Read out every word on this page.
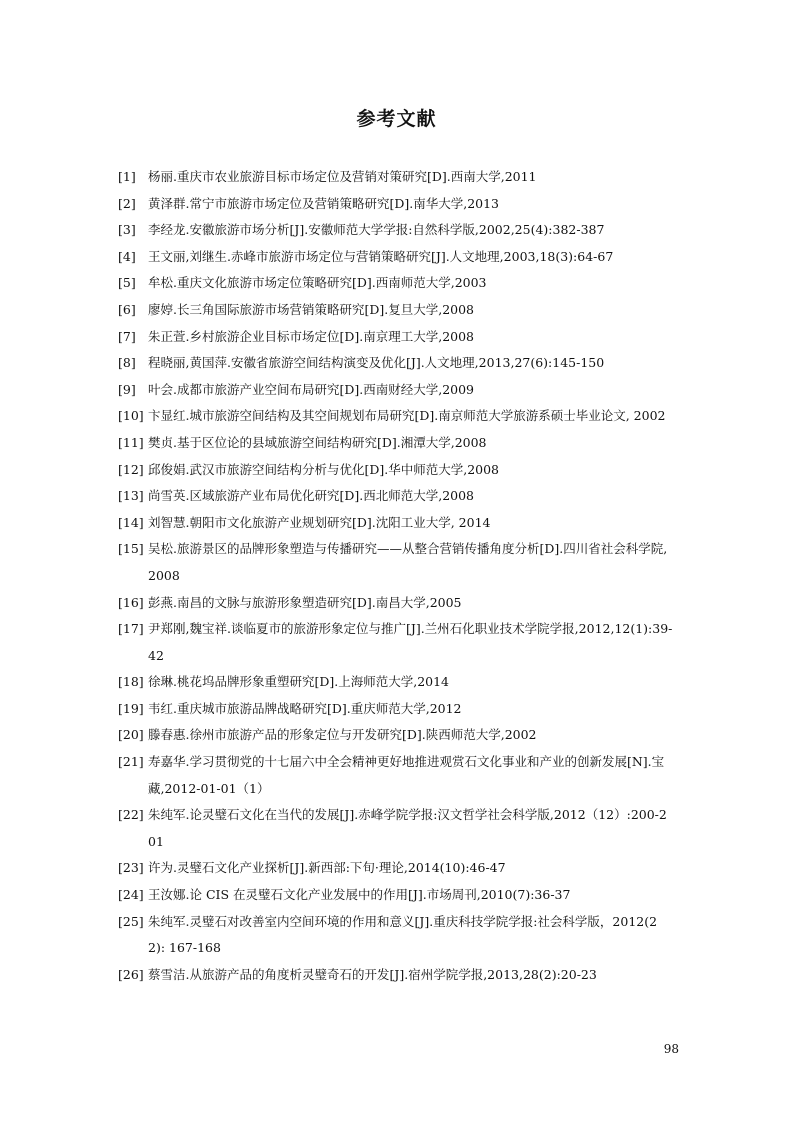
参考文献
[1] 杨丽.重庆市农业旅游目标市场定位及营销对策研究[D].西南大学,2011
[2] 黄泽群.常宁市旅游市场定位及营销策略研究[D].南华大学,2013
[3] 李经龙.安徽旅游市场分析[J].安徽师范大学学报:自然科学版,2002,25(4):382-387
[4] 王文丽,刘继生.赤峰市旅游市场定位与营销策略研究[J].人文地理,2003,18(3):64-67
[5] 牟松.重庆文化旅游市场定位策略研究[D].西南师范大学,2003
[6] 廖婷.长三角国际旅游市场营销策略研究[D].复旦大学,2008
[7] 朱正萱.乡村旅游企业目标市场定位[D].南京理工大学,2008
[8] 程晓丽,黄国萍.安徽省旅游空间结构演变及优化[J].人文地理,2013,27(6):145-150
[9] 叶会.成都市旅游产业空间布局研究[D].西南财经大学,2009
[10] 卞显红.城市旅游空间结构及其空间规划布局研究[D].南京师范大学旅游系硕士毕业论文, 2002
[11] 樊贞.基于区位论的县域旅游空间结构研究[D].湘潭大学,2008
[12] 邱俊娟.武汉市旅游空间结构分析与优化[D].华中师范大学,2008
[13] 尚雪英.区域旅游产业布局优化研究[D].西北师范大学,2008
[14] 刘智慧.朝阳市文化旅游产业规划研究[D].沈阳工业大学, 2014
[15] 吴松.旅游景区的品牌形象塑造与传播研究——从整合营销传播角度分析[D].四川省社会科学院,2008
[16] 彭燕.南昌的文脉与旅游形象塑造研究[D].南昌大学,2005
[17] 尹郑刚,魏宝祥.谈临夏市的旅游形象定位与推广[J].兰州石化职业技术学院学报,2012,12(1):39-42
[18] 徐琳.桃花坞品牌形象重塑研究[D].上海师范大学,2014
[19] 韦红.重庆城市旅游品牌战略研究[D].重庆师范大学,2012
[20] 滕春惠.徐州市旅游产品的形象定位与开发研究[D].陕西师范大学,2002
[21] 寿嘉华.学习贯彻党的十七届六中全会精神更好地推进观赏石文化事业和产业的创新发展[N].宝藏,2012-01-01（1）
[22] 朱纯军.论灵璧石文化在当代的发展[J].赤峰学院学报:汉文哲学社会科学版,2012（12）:200-201
[23] 许为.灵璧石文化产业探析[J].新西部:下旬·理论,2014(10):46-47
[24] 王汝娜.论 CIS 在灵璧石文化产业发展中的作用[J].市场周刊,2010(7):36-37
[25] 朱纯军.灵璧石对改善室内空间环境的作用和意义[J].重庆科技学院学报:社会科学版，2012(22): 167-168
[26] 蔡雪洁.从旅游产品的角度析灵璧奇石的开发[J].宿州学院学报,2013,28(2):20-23
98
